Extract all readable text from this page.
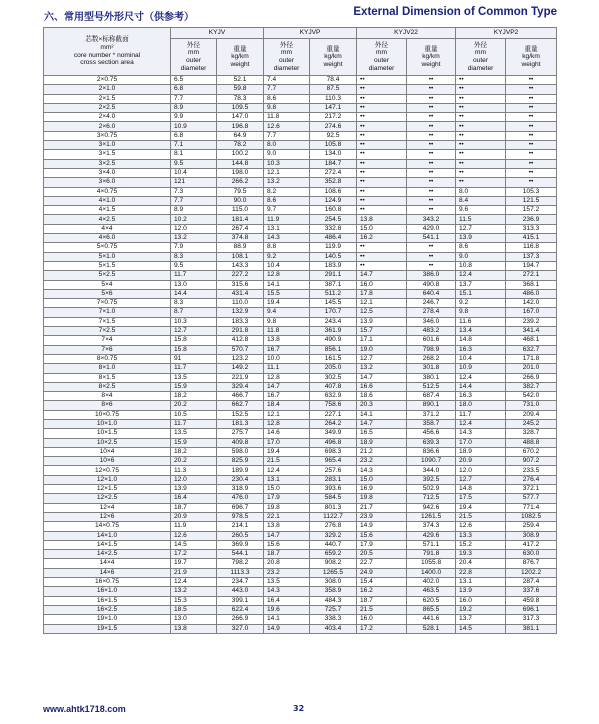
六、常用型号外形尺寸（供参考）	External Dimension of Common Type
芯数×标称截面
mm²
core number * nominal
cross section area	KYJV		KYJVP		KYJV22		KYJVP2	
	外径
mm
outer
diameter	重量
kg/km
weight	外径
mm
outer
diameter	重量
kg/km
weight	外径
mm
outer
diameter	重量
kg/km
weight	外径
mm
outer
diameter	重量
kg/km
weight
2×0.75	6.5	52.1	7.4	78.4	••	••	••	••
2×1.0	6.8	59.8	7.7	87.5	••	••	••	••
2×1.5	7.7	78.3	8.6	110.3	••	••	••	••
2×2.5	8.9	109.5	9.8	147.1	••	••	••	••
2×4.0	9.9	147.0	11.8	217.2	••	••	••	••
2×6.0	10.9	196.8	12.6	274.6	••	••	••	••
3×0.75	6.8	64.9	7.7	92.5	••	••	••	••
3×1.0	7.1	78.2	8.0	105.8	••	••	••	••
3×1.5	8.1	100.2	9.0	134.0	••	••	••	••
3×2.5	9.5	144.8	10.3	184.7	••	••	••	••
3×4.0	10.4	198.0	12.1	272.4	••	••	••	••
3×6.0	121	266.2	13.2	352.8	••	••	••	••
4×0.75	7.3	79.5	8.2	108.6	••	••	8.0	105.3
4×1.0	7.7	90.0	8.6	124.9	••	••	8.4	121.5
4×1.5	8.9	115.0	9.7	160.8	••	••	9.6	157.2
4×2.5	10.2	181.4	11.9	254.5	13.8	343.2	11.5	236.9
4×4	12.0	267.4	13.1	332.8	15.0	429.0	12.7	313.3
4×6.0	13.2	374.8	14.3	486.4	16.2	541.1	13.9	415.1
5×0.75	7.9	88.9	8.8	119.9	••	••	8.6	116.8
5×1.0	8.3	108.1	9.2	140.5	••	••	9.0	137.3
5×1.5	9.5	143.3	10.4	183.9	••	••	10.8	194.7
5×2.5	11.7	227.2	12.8	291.1	14.7	386.0	12.4	272.1
5×4	13.0	315.6	14.1	387.1	16.0	490.8	13.7	368.1
5×6	14.4	431.4	15.5	511.2	17.8	640.4	15.1	486.0
7×0.75	8.3	110.0	19.4	145.5	12.1	246.7	9.2	142.0
7×1.0	8.7	132.9	9.4	170.7	12.5	278.4	9.8	167.0
7×1.5	10.3	183.3	9.8	243.4	13.9	346.0	11.6	239.2
7×2.5	12.7	291.8	11.8	361.9	15.7	483.2	13.4	341.4
7×4	15.8	412.8	13.8	490.9	17.1	601.6	14.8	468.1
7×6	15.8	570.7	16.7	856.1	19.0	798.9	16.3	632.7
8×0.75	91	123.2	10.0	161.5	12.7	268.2	10.4	171.8
8×1.0	11.7	149.2	11.1	205.0	13.2	301.8	10.9	201.0
8×1.5	13.5	221.9	12.8	302.5	14.7	380.1	12.4	266.9
8×2.5	15.9	329.4	14.7	407.8	16.6	512.5	14.4	382.7
8×4	18.2	466.7	16.7	632.9	18.6	687.4	16.3	542.0
8×6	20.2	662.7	18.4	758.6	20.3	890.1	18.0	731.0
10×0.75	10.5	152.5	12.1	227.1	14.1	371.2	11.7	209.4
10×1.0	11.7	181.3	12.8	264.2	14.7	358.7	12.4	245.2
10×1.5	13.5	275.7	14.6	349.9	16.5	456.6	14.3	328.7
10×2.5	15.9	409.8	17.0	496.8	18.9	639.3	17.0	488.8
10×4	18.2	598.0	19.4	698.3	21.2	836.6	18.9	670.2
10×6	20.2	825.9	21.5	965.4	23.2	1090.7	20.9	907.2
12×0.75	11.3	189.9	12.4	257.6	14.3	344.0	12.0	233.5
12×1.0	12.0	230.4	13.1	283.1	15.0	392.5	12.7	276.4
12×1.5	13.9	318.9	15.0	393.6	16.9	502.9	14.8	372.1
12×2.5	16.4	476.0	17.9	584.5	19.8	712.5	17.5	577.7
12×4	18.7	696.7	19.8	801.3	21.7	942.6	19.4	771.4
12×6	20.9	978.5	22.1	1122.7	23.9	1261.5	21.5	1082.5
14×0.75	11.9	214.1	13.8	276.8	14.9	374.3	12.6	259.4
14×1.0	12.6	260.5	14.7	329.2	15.6	429.6	13.3	308.9
14×1.5	14.5	369.9	15.6	440.7	17.9	571.1	15.2	417.2
14×2.5	17.2	544.1	18.7	659.2	20.5	791.8	19.3	630.0
14×4	19.7	798.2	20.8	908.2	22.7	1055.8	20.4	876.7
14×6	21.9	1113.3	23.2	1265.5	24.9	1400.0	22.8	1202.2
16×0.75	12.4	234.7	13.5	308.0	15.4	402.0	13.1	287.4
16×1.0	13.2	443.0	14.3	358.9	16.2	463.5	13.9	337.6
16×1.5	15.3	399.1	16.4	484.3	18.7	620.5	16.0	459.8
16×2.5	18.5	622.4	19.6	725.7	21.5	865.5	19.2	696.1
19×1.0	13.0	266.9	14.1	338.3	16.0	441.6	13.7	317.3
19×1.5	13.8	327.0	14.9	403.4	17.2	528.1	14.5	381.1
www.ahtk1718.com	32
